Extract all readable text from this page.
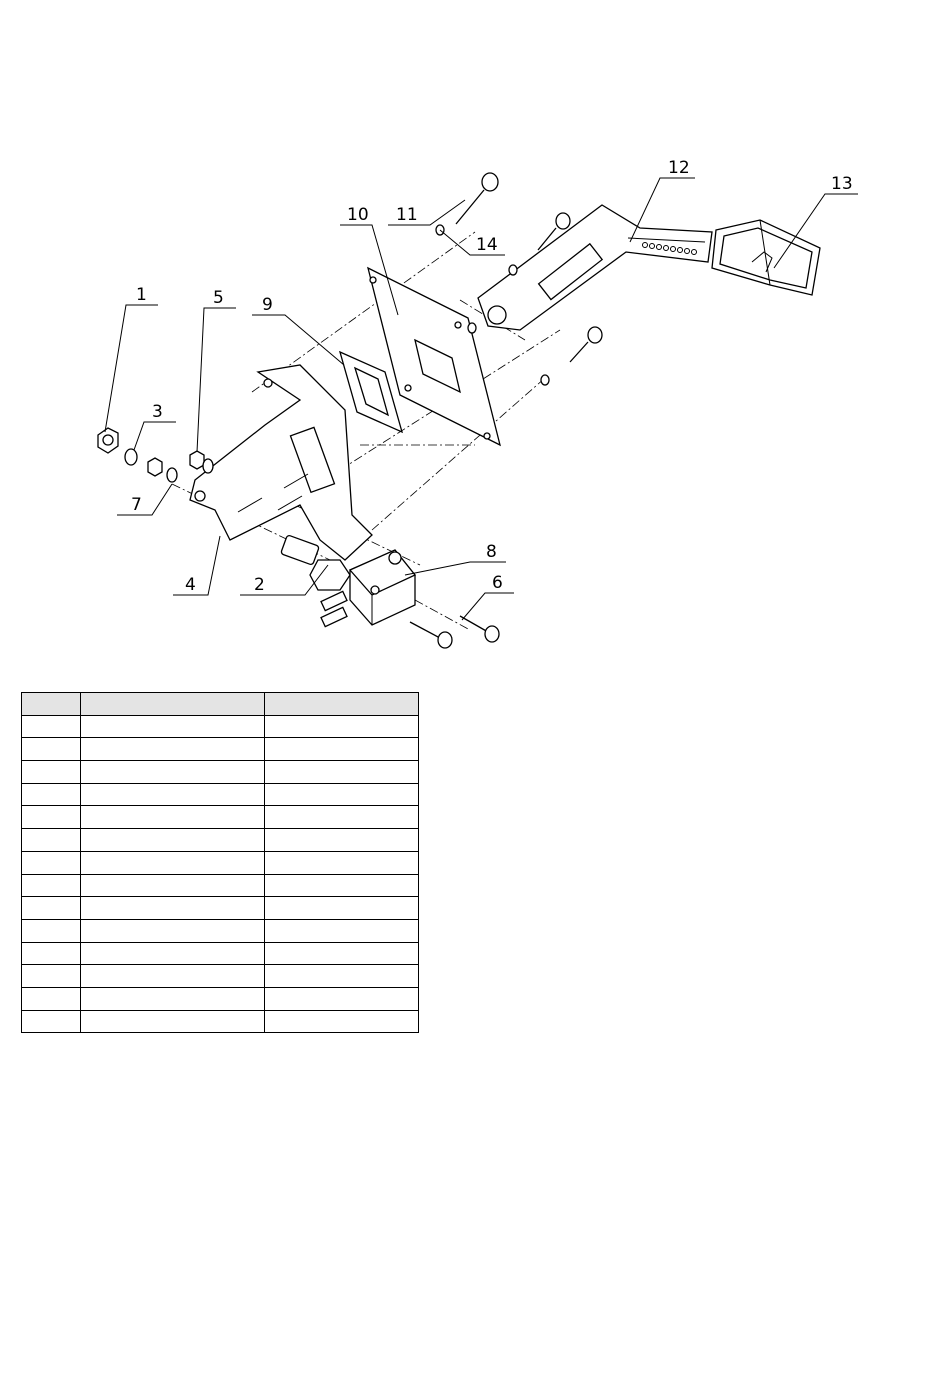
1
2
3
4
5
6
7
8
9
10 11
12
13
14
